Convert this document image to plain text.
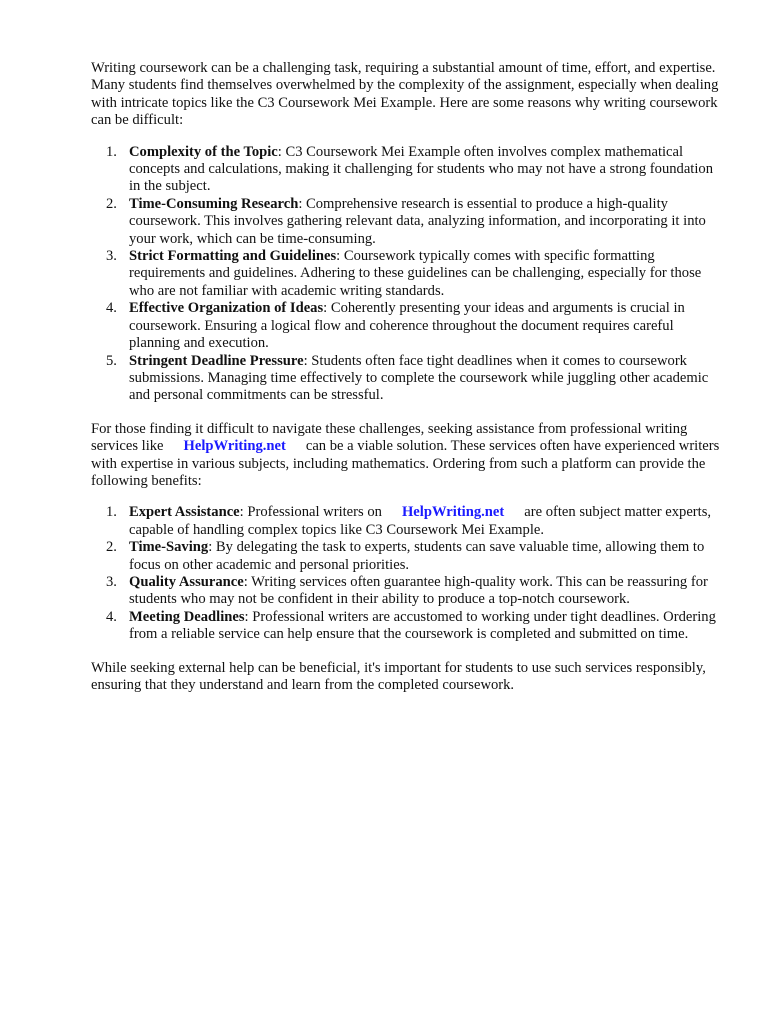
Writing coursework can be a challenging task, requiring a substantial amount of time, effort, and expertise. Many students find themselves overwhelmed by the complexity of the assignment, especially when dealing with intricate topics like the C3 Coursework Mei Example. Here are some reasons why writing coursework can be difficult:

1. Complexity of the Topic: C3 Coursework Mei Example often involves complex mathematical concepts and calculations, making it challenging for students who may not have a strong foundation in the subject.
2. Time-Consuming Research: Comprehensive research is essential to produce a high-quality coursework. This involves gathering relevant data, analyzing information, and incorporating it into your work, which can be time-consuming.
3. Strict Formatting and Guidelines: Coursework typically comes with specific formatting requirements and guidelines. Adhering to these guidelines can be challenging, especially for those who are not familiar with academic writing standards.
4. Effective Organization of Ideas: Coherently presenting your ideas and arguments is crucial in coursework. Ensuring a logical flow and coherence throughout the document requires careful planning and execution.
5. Stringent Deadline Pressure: Students often face tight deadlines when it comes to coursework submissions. Managing time effectively to complete the coursework while juggling other academic and personal commitments can be stressful.

For those finding it difficult to navigate these challenges, seeking assistance from professional writing services like HelpWriting.net can be a viable solution. These services often have experienced writers with expertise in various subjects, including mathematics. Ordering from such a platform can provide the following benefits:

1. Expert Assistance: Professional writers on HelpWriting.net are often subject matter experts, capable of handling complex topics like C3 Coursework Mei Example.
2. Time-Saving: By delegating the task to experts, students can save valuable time, allowing them to focus on other academic and personal priorities.
3. Quality Assurance: Writing services often guarantee high-quality work. This can be reassuring for students who may not be confident in their ability to produce a top-notch coursework.
4. Meeting Deadlines: Professional writers are accustomed to working under tight deadlines. Ordering from a reliable service can help ensure that the coursework is completed and submitted on time.

While seeking external help can be beneficial, it's important for students to use such services responsibly, ensuring that they understand and learn from the completed coursework.
